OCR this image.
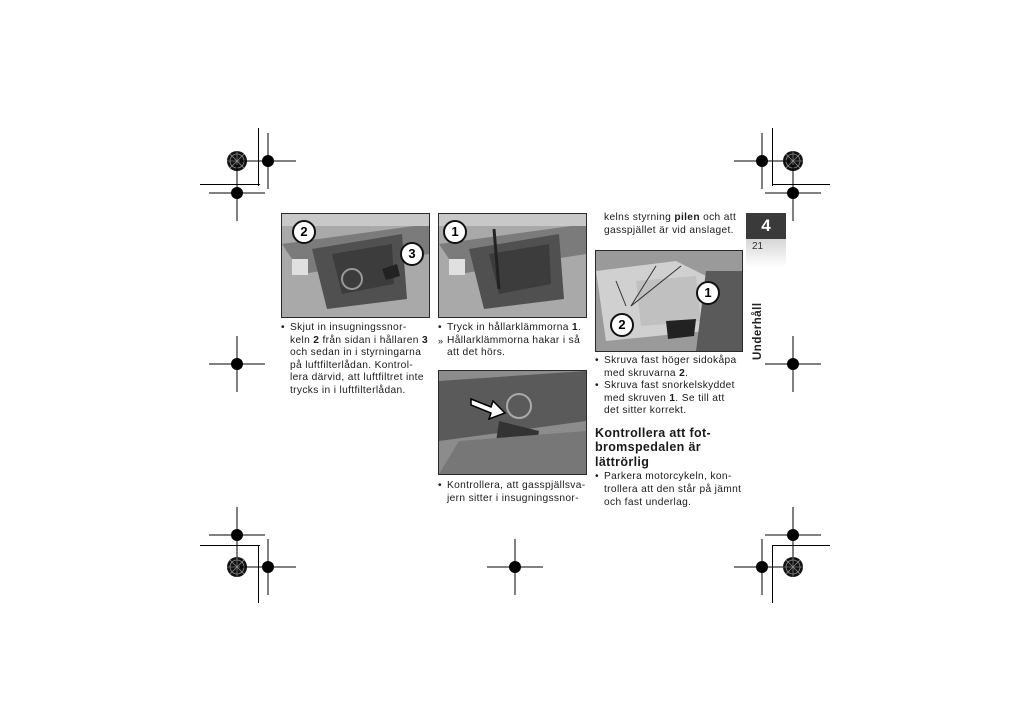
2
3
1
1
2

• Skjut in insugningssnor-
keln 2 från sidan i hållaren 3
och sedan in i styrningarna
på luftfilterlådan. Kontrol-
lera därvid, att luftfiltret inte
trycks in i luftfilterlådan.

• Tryck in hållarklämmorna 1.

» Hållarklämmorna hakar i så
att det hörs.

• Kontrollera, att gasspjällsva-
jern sitter i insugningssnor-

kelns styrning pilen och att
gasspjället är vid anslaget.

• Skruva fast höger sidokåpa
med skruvarna 2.

• Skruva fast snorkelskyddet
med skruven 1. Se till att
det sitter korrekt.

Kontrollera att fot-
bromspedalen är
lättrörlig

• Parkera motorcykeln, kon-
trollera att den står på jämnt
och fast underlag.

4
21
Underhåll
